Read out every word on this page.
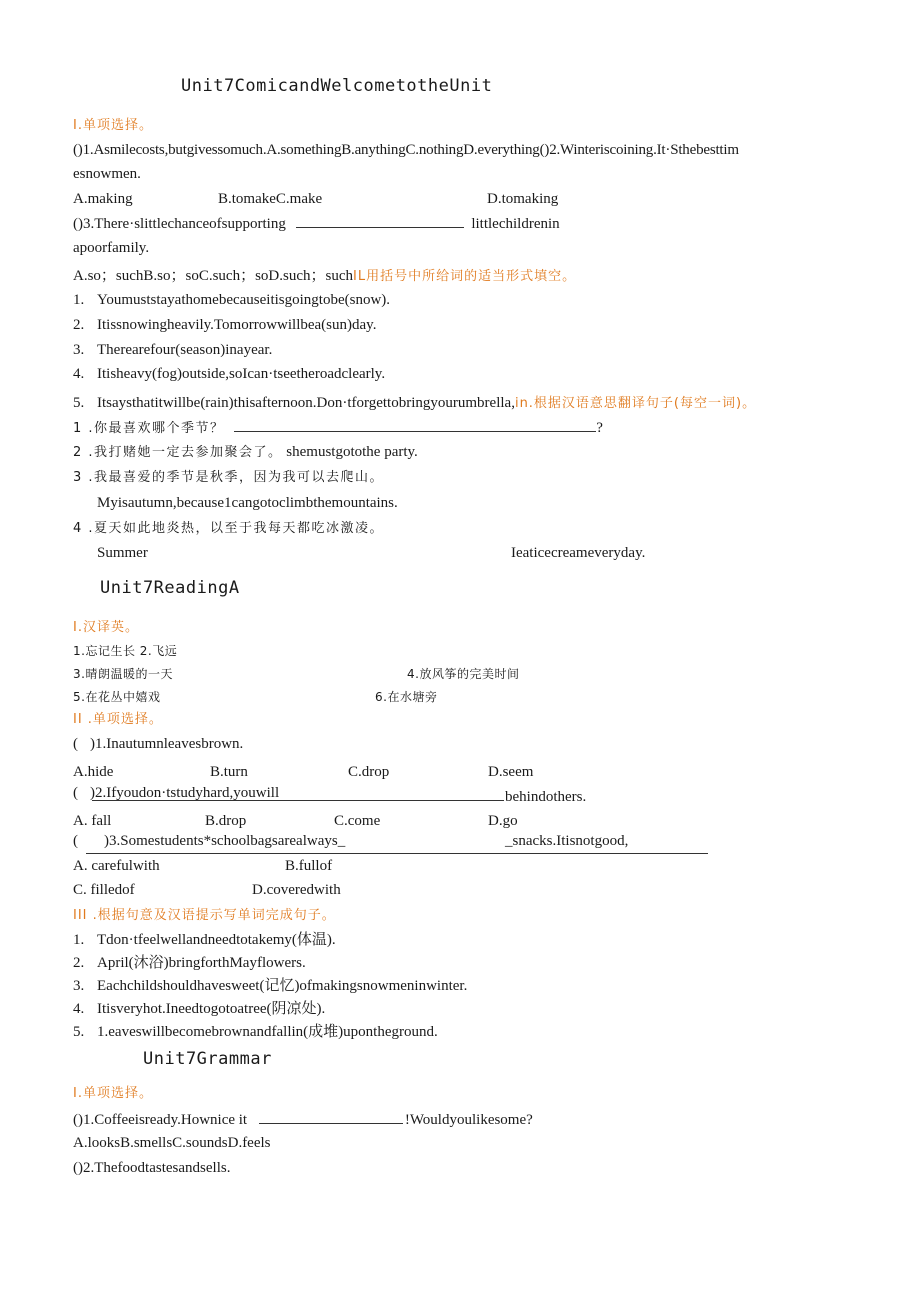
Unit7ComicandWelcometotheUnit
I.单项选择。
()1.Asmilecosts,butgivessomuch.A.somethingB.anythingC.nothingD.everything()2.Winteriscoining.It·Sthebesttim
esnowmen.
A.making	B.tomakeC.make	D.tomaking
()3.There·slittlechanceofsupporting	littlechildrenin
apoorfamily.
A.so；suchB.so；soC.such；soD.such；suchIL用括号中所给词的适当形式填空。
1. Youmuststayathomebecauseitisgoingtobe(snow).
2. Itissnowingheavily.Tomorrowwillbea(sun)day.
3. Therearefour(season)inayear.
4. Itisheavy(fog)outside,soIcan·tseetheroadclearly.
5. Itsaysthatitwillbe(rain)thisafternoon.Don·tforgettobringyourumbrella,in.根据汉语意思翻译句子(每空一词)。
1 .你最喜欢哪个季节？	?
2 .我打赌她一定去参加聚会了。 shemustgotothe party.
3 .我最喜爱的季节是秋季，因为我可以去爬山。
Myisautumn,because1cangotoclimbthemountains.
4 .夏天如此地炎热，以至于我每天都吃冰激凌。
Summer	Ieaticecreameveryday.
Unit7ReadingA
I.汉译英。
1.忘记生长 2.飞远
3.晴朗温暖的一天	4.放风筝的完美时间
5.在花丛中嬉戏	6.在水塘旁
II .单项选择。
( )1.Inautumnleavesbrown.
A.hide	B.turn	C.drop	D.seem
( )2.Ifyoudon·tstudyhard,youwill	behindothers.
A. fall	B.drop	C.come	D.go
( )3.Somestudents*schoolbagsarealways_	_snacks.Itisnotgood,
A. carefulwith	B.fullof
C. filledof	D.coveredwith
III .根据句意及汉语提示写单词完成句子。
1. Tdon·tfeelwellandneedtotakemy(体温).
2. April(沐浴)bringforthMayflowers.
3. Eachchildshouldhavesweet(记忆)ofmakingsnowmeninwinter.
4. Itisveryhot.Ineedtogotoatree(阴凉处).
5. 1.eaveswillbecomebrownandfallin(成堆)upontheground.
Unit7Grammar
I.单项选择。
()1.Coffeeisready.Hownice it	!Wouldyoulikesome?
A.looksB.smellsC.soundsD.feels
()2.Thefoodtastesandsells.
